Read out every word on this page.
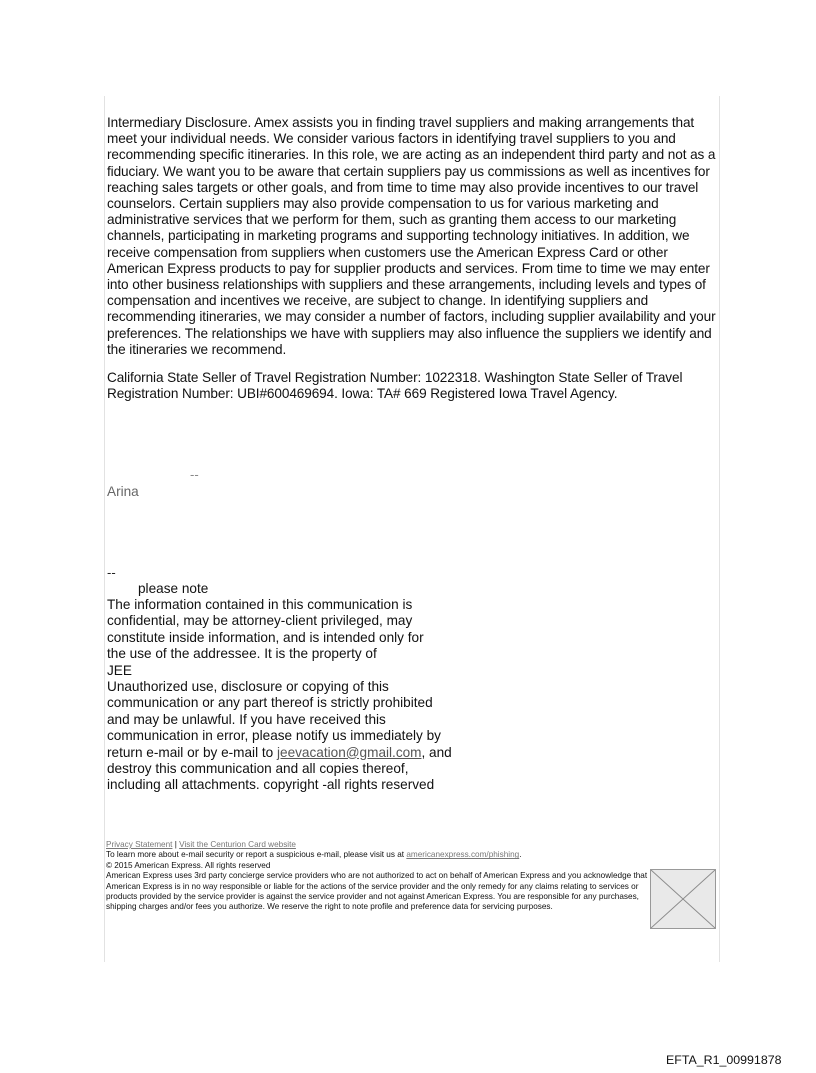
Intermediary Disclosure. Amex assists you in finding travel suppliers and making arrangements that meet your individual needs. We consider various factors in identifying travel suppliers to you and recommending specific itineraries. In this role, we are acting as an independent third party and not as a fiduciary. We want you to be aware that certain suppliers pay us commissions as well as incentives for reaching sales targets or other goals, and from time to time may also provide incentives to our travel counselors. Certain suppliers may also provide compensation to us for various marketing and administrative services that we perform for them, such as granting them access to our marketing channels, participating in marketing programs and supporting technology initiatives. In addition, we receive compensation from suppliers when customers use the American Express Card or other American Express products to pay for supplier products and services. From time to time we may enter into other business relationships with suppliers and these arrangements, including levels and types of compensation and incentives we receive, are subject to change. In identifying suppliers and recommending itineraries, we may consider a number of factors, including supplier availability and your preferences. The relationships we have with suppliers may also influence the suppliers we identify and the itineraries we recommend.

California State Seller of Travel Registration Number: 1022318. Washington State Seller of Travel Registration Number: UBI#600469694. Iowa: TA# 669 Registered Iowa Travel Agency.

--
Arina
--
please note

The information contained in this communication is

confidential, may be attorney-client privileged, may

constitute inside information, and is intended only for

the use of the addressee. It is the property of

JEE

Unauthorized use, disclosure or copying of this

communication or any part thereof is strictly prohibited

and may be unlawful. If you have received this

communication in error, please notify us immediately by

return e-mail or by e-mail to jeevacation@gmail.com, and

destroy this communication and all copies thereof,

including all attachments. copyright -all rights reserved

Privacy Statement | Visit the Centurion Card website

To learn more about e-mail security or report a suspicious e-mail, please visit us at americanexpress.com/phishing.

© 2015 American Express. All rights reserved

American Express uses 3rd party concierge service providers who are not authorized to act on behalf of American Express and you acknowledge that American Express is in no way responsible or liable for the actions of the service provider and the only remedy for any claims relating to services or products provided by the service provider is against the service provider and not against American Express. You are responsible for any purchases, shipping charges and/or fees you authorize. We reserve the right to note profile and preference data for servicing purposes.

EFTA_R1_00991878
